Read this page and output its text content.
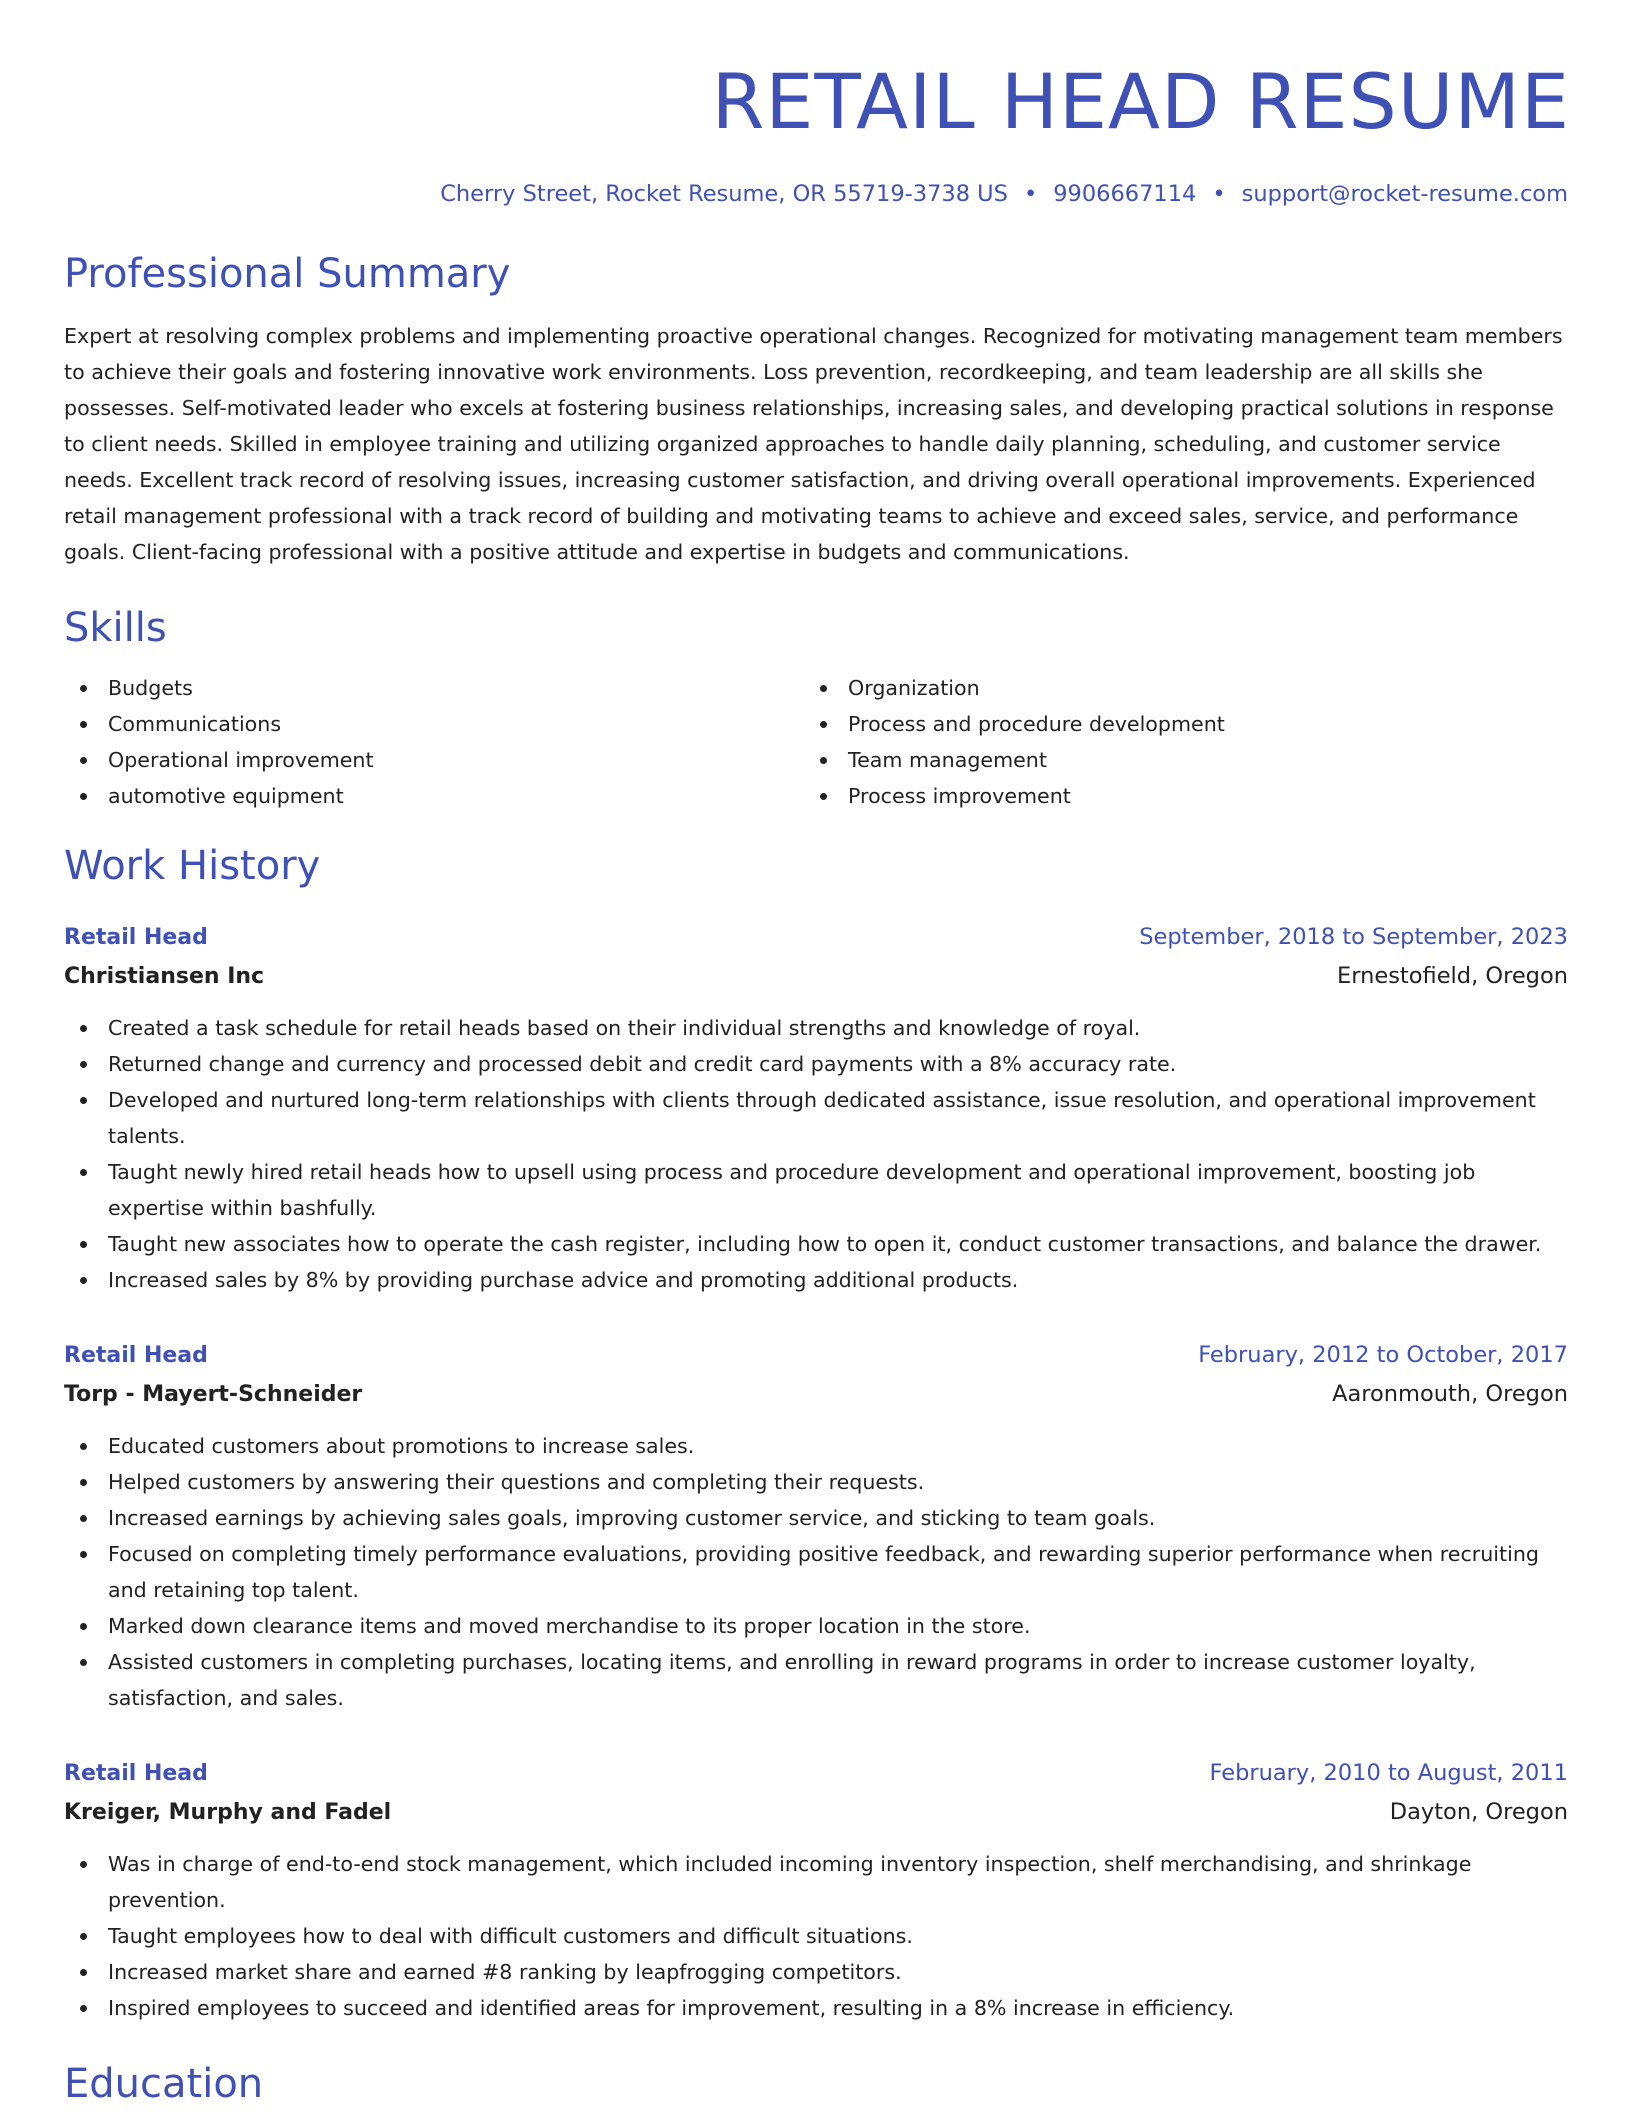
RETAIL HEAD RESUME
Cherry Street, Rocket Resume, OR 55719-3738 US • 9906667114 • support@rocket-resume.com
Professional Summary

Expert at resolving complex problems and implementing proactive operational changes. Recognized for motivating management team members to achieve their goals and fostering innovative work environments. Loss prevention, recordkeeping, and team leadership are all skills she possesses. Self-motivated leader who excels at fostering business relationships, increasing sales, and developing practical solutions in response to client needs. Skilled in employee training and utilizing organized approaches to handle daily planning, scheduling, and customer service needs. Excellent track record of resolving issues, increasing customer satisfaction, and driving overall operational improvements. Experienced retail management professional with a track record of building and motivating teams to achieve and exceed sales, service, and performance goals. Client-facing professional with a positive attitude and expertise in budgets and communications.

Skills
Budgets
Communications
Operational improvement
automotive equipment
Organization
Process and procedure development
Team management
Process improvement
Work History
Retail Head	September, 2018 to September, 2023
Christiansen Inc	Ernestofield, Oregon
Created a task schedule for retail heads based on their individual strengths and knowledge of royal.
Returned change and currency and processed debit and credit card payments with a 8% accuracy rate.
Developed and nurtured long-term relationships with clients through dedicated assistance, issue resolution, and operational improvement talents.
Taught newly hired retail heads how to upsell using process and procedure development and operational improvement, boosting job expertise within bashfully.
Taught new associates how to operate the cash register, including how to open it, conduct customer transactions, and balance the drawer.
Increased sales by 8% by providing purchase advice and promoting additional products.
Retail Head	February, 2012 to October, 2017
Torp - Mayert-Schneider	Aaronmouth, Oregon
Educated customers about promotions to increase sales.
Helped customers by answering their questions and completing their requests.
Increased earnings by achieving sales goals, improving customer service, and sticking to team goals.
Focused on completing timely performance evaluations, providing positive feedback, and rewarding superior performance when recruiting and retaining top talent.
Marked down clearance items and moved merchandise to its proper location in the store.
Assisted customers in completing purchases, locating items, and enrolling in reward programs in order to increase customer loyalty, satisfaction, and sales.
Retail Head	February, 2010 to August, 2011
Kreiger, Murphy and Fadel	Dayton, Oregon
Was in charge of end-to-end stock management, which included incoming inventory inspection, shelf merchandising, and shrinkage prevention.
Taught employees how to deal with difficult customers and difficult situations.
Increased market share and earned #8 ranking by leapfrogging competitors.
Inspired employees to succeed and identified areas for improvement, resulting in a 8% increase in efficiency.
Education
